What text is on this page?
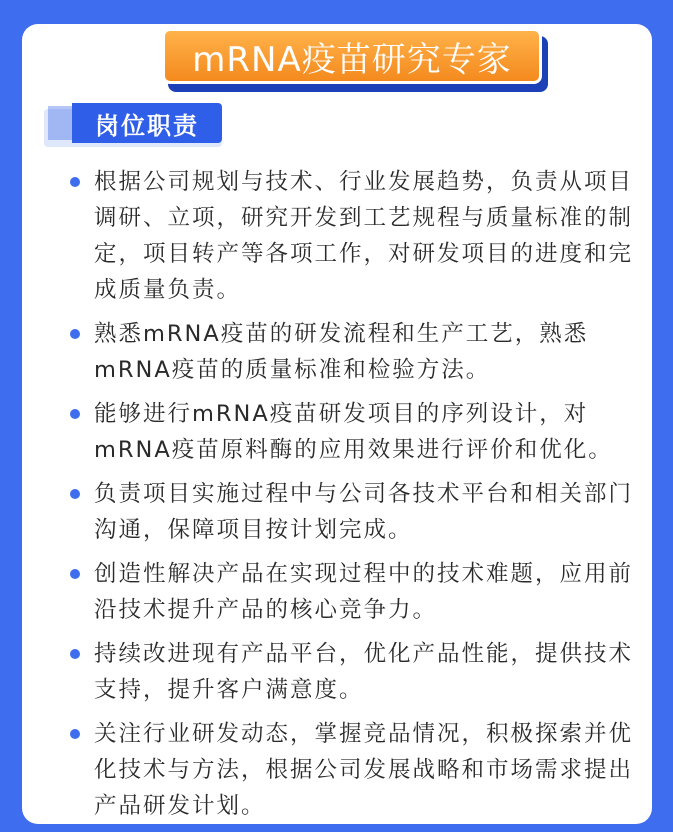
mRNA疫苗研究专家
岗位职责
根据公司规划与技术、行业发展趋势，负责从项目调研、立项，研究开发到工艺规程与质量标准的制定，项目转产等各项工作，对研发项目的进度和完成质量负责。
熟悉mRNA疫苗的研发流程和生产工艺，熟悉mRNA疫苗的质量标准和检验方法。
能够进行mRNA疫苗研发项目的序列设计，对mRNA疫苗原料酶的应用效果进行评价和优化。
负责项目实施过程中与公司各技术平台和相关部门沟通，保障项目按计划完成。
创造性解决产品在实现过程中的技术难题，应用前沿技术提升产品的核心竞争力。
持续改进现有产品平台，优化产品性能，提供技术支持，提升客户满意度。
关注行业研发动态，掌握竞品情况，积极探索并优化技术与方法，根据公司发展战略和市场需求提出产品研发计划。
